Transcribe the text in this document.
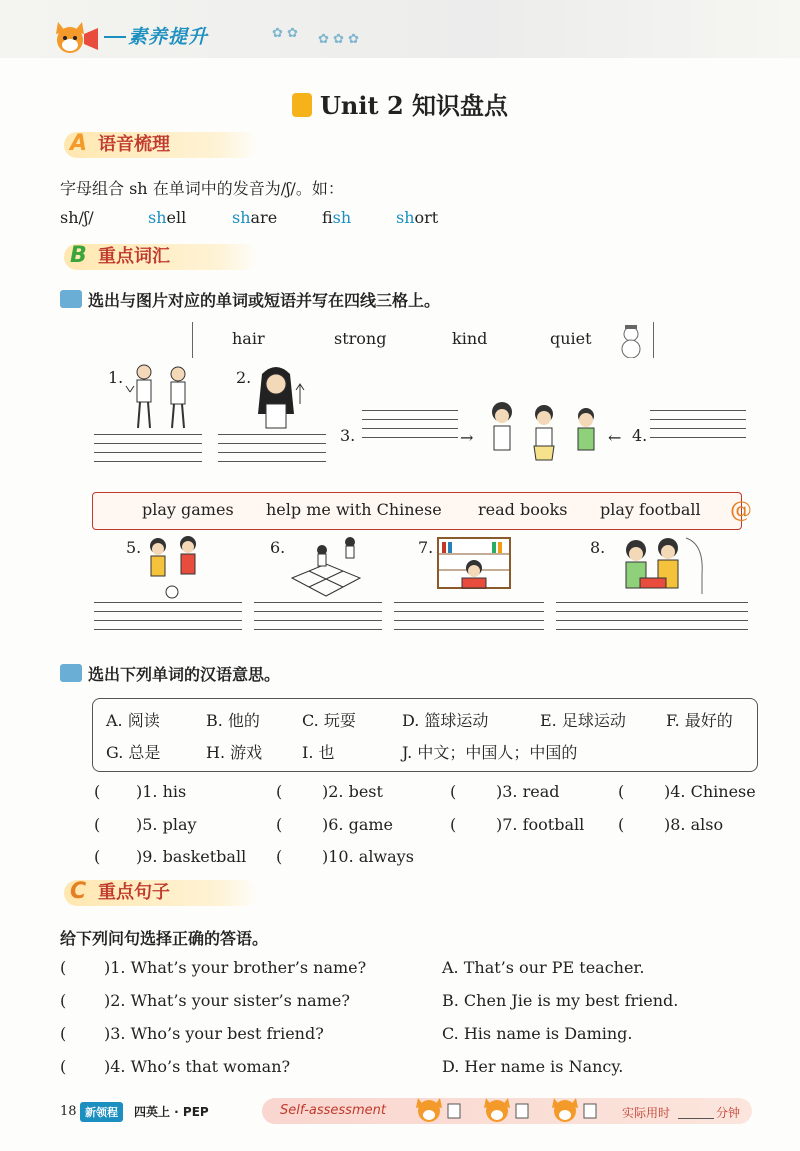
素养提升	✿ ✿ ✿ ✿ ✿
Unit 2 知识盘点
A 语音梳理
字母组合 sh 在单词中的发音为/ʃ/。如：
sh/ʃ/	shell	share	fish	short
B 重点词汇
选出与图片对应的单词或短语并写在四线三格上。
hair	strong	kind	quiet
1.	2.
3.	→	← 4.
@
play games help me with Chinese read books play football
5.	6.	7.	8.
选出下列单词的汉语意思。
A. 阅读	B. 他的	C. 玩耍	D. 篮球运动	E. 足球运动	F. 最好的
G. 总是	H. 游戏 I. 也	J. 中文；中国人；中国的
( )1. his	( )2. best	( )3. read	( )4. Chinese
( )5. play	( )6. game	( )7. football ( )8. also
( )9. basketball ( )10. always
C 重点句子
给下列问句选择正确的答语。
( )1. What’s your brother’s name?	A. That’s our PE teacher.
( )2. What’s your sister’s name?	B. Chen Jie is my best friend.
( )3. Who’s your best friend?	C. His name is Daming.
( )4. Who’s that woman?	D. Her name is Nancy.
18 新领程	四英上 · PEP	Self-assessment	实际用时	分钟
